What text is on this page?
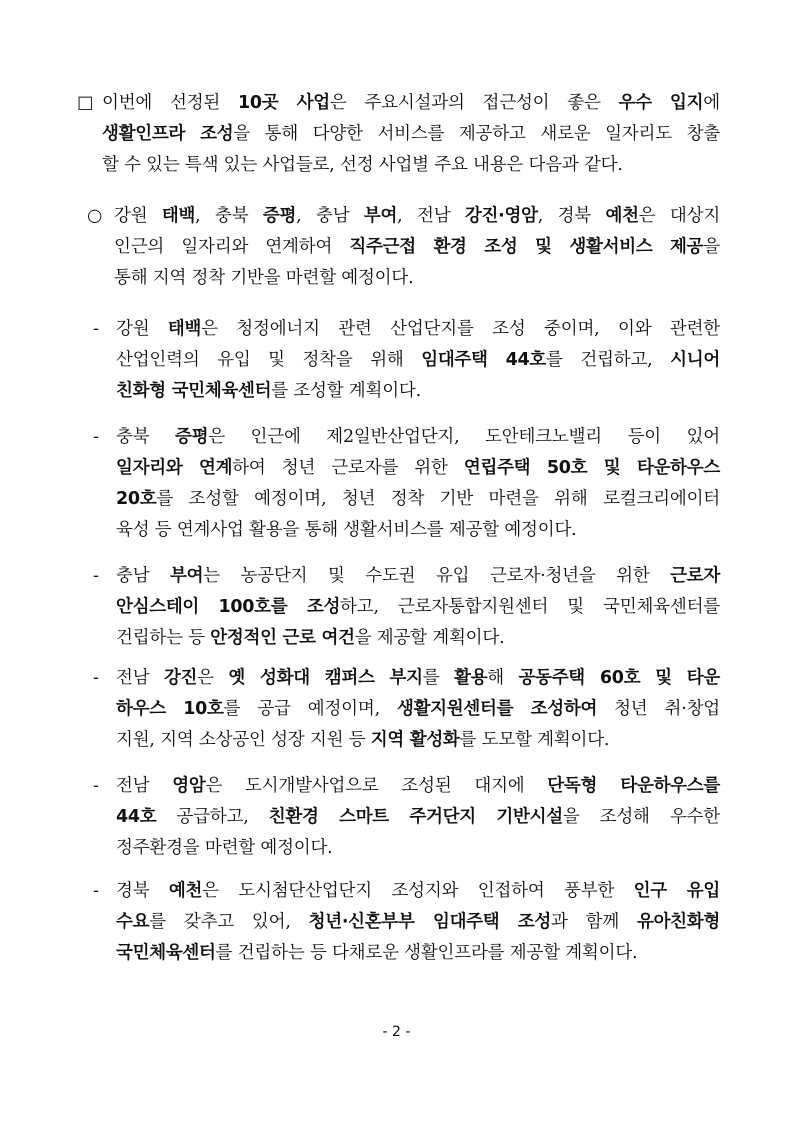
□ 이번에 선정된 10곳 사업은 주요시설과의 접근성이 좋은 우수 입지에
생활인프라 조성을 통해 다양한 서비스를 제공하고 새로운 일자리도 창출
할 수 있는 특색 있는 사업들로, 선정 사업별 주요 내용은 다음과 같다.
○ 강원 태백, 충북 증평, 충남 부여, 전남 강진·영암, 경북 예천은 대상지
인근의 일자리와 연계하여 직주근접 환경 조성 및 생활서비스 제공을
통해 지역 정착 기반을 마련할 예정이다.
- 강원 태백은 청정에너지 관련 산업단지를 조성 중이며, 이와 관련한
산업인력의 유입 및 정착을 위해 임대주택 44호를 건립하고, 시니어
친화형 국민체육센터를 조성할 계획이다.
- 충북 증평은 인근에 제2일반산업단지, 도안테크노밸리 등이 있어
일자리와 연계하여 청년 근로자를 위한 연립주택 50호 및 타운하우스
20호를 조성할 예정이며, 청년 정착 기반 마련을 위해 로컬크리에이터
육성 등 연계사업 활용을 통해 생활서비스를 제공할 예정이다.
- 충남 부여는 농공단지 및 수도권 유입 근로자·청년을 위한 근로자
안심스테이 100호를 조성하고, 근로자통합지원센터 및 국민체육센터를
건립하는 등 안정적인 근로 여건을 제공할 계획이다.
- 전남 강진은 옛 성화대 캠퍼스 부지를 활용해 공동주택 60호 및 타운
하우스 10호를 공급 예정이며, 생활지원센터를 조성하여 청년 취·창업
지원, 지역 소상공인 성장 지원 등 지역 활성화를 도모할 계획이다.
- 전남 영암은 도시개발사업으로 조성된 대지에 단독형 타운하우스를
44호 공급하고, 친환경 스마트 주거단지 기반시설을 조성해 우수한
정주환경을 마련할 예정이다.
- 경북 예천은 도시첨단산업단지 조성지와 인접하여 풍부한 인구 유입
수요를 갖추고 있어, 청년·신혼부부 임대주택 조성과 함께 유아친화형
국민체육센터를 건립하는 등 다채로운 생활인프라를 제공할 계획이다.
- 2 -
